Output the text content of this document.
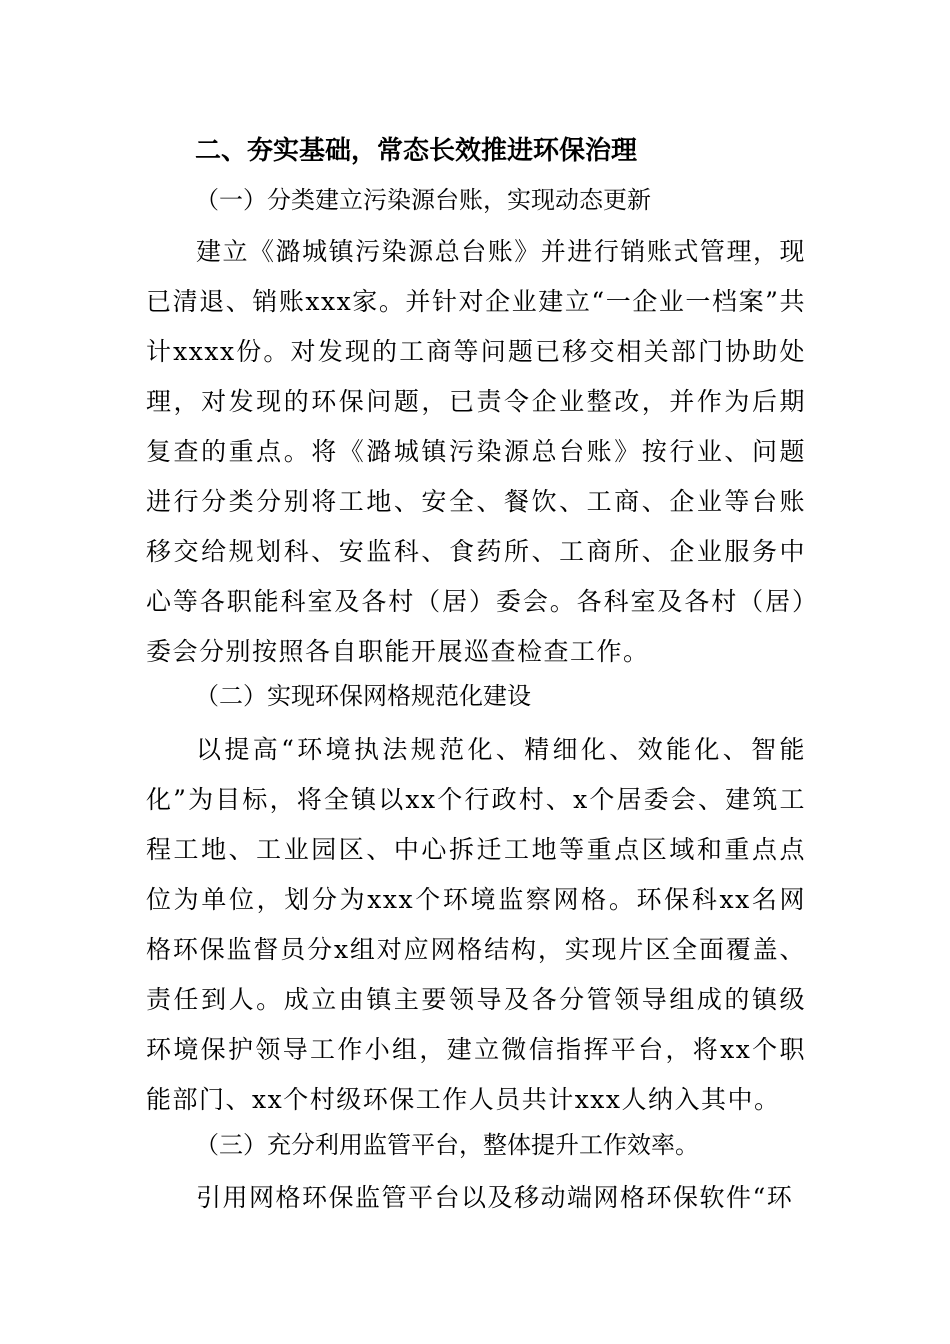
二、夯实基础，常态长效推进环保治理
（一）分类建立污染源台账，实现动态更新
建立《潞城镇污染源总台账》并进行销账式管理，现已清退、销账xxx家。并针对企业建立“一企业一档案”共计xxxx份。对发现的工商等问题已移交相关部门协助处理，对发现的环保问题，已责令企业整改，并作为后期复查的重点。将《潞城镇污染源总台账》按行业、问题进行分类分别将工地、安全、餐饮、工商、企业等台账移交给规划科、安监科、食药所、工商所、企业服务中心等各职能科室及各村（居）委会。各科室及各村（居）委会分别按照各自职能开展巡查检查工作。
（二）实现环保网格规范化建设
以提高“环境执法规范化、精细化、效能化、智能化”为目标，将全镇以xx个行政村、x个居委会、建筑工程工地、工业园区、中心拆迁工地等重点区域和重点点位为单位，划分为xxx个环境监察网格。环保科xx名网格环保监督员分x组对应网格结构，实现片区全面覆盖、责任到人。成立由镇主要领导及各分管领导组成的镇级环境保护领导工作小组，建立微信指挥平台，将xx个职能部门、xx个村级环保工作人员共计xxx人纳入其中。
（三）充分利用监管平台，整体提升工作效率。
引用网格环保监管平台以及移动端网格环保软件“环
